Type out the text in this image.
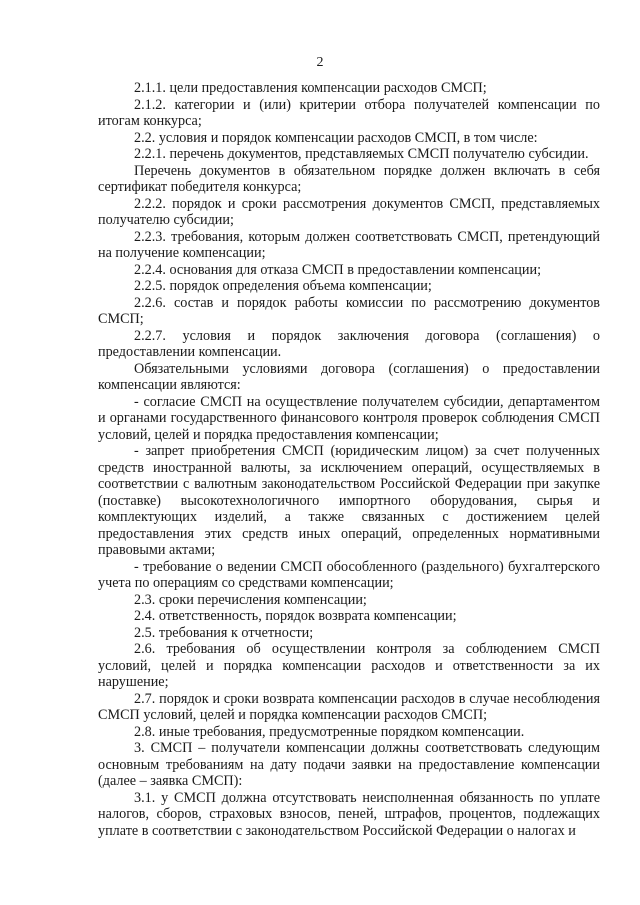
2

2.1.1. цели предоставления компенсации расходов СМСП;

2.1.2. категории и (или) критерии отбора получателей компенсации по итогам конкурса;

2.2. условия и порядок компенсации расходов СМСП, в том числе:

2.2.1. перечень документов, представляемых СМСП получателю субсидии.

Перечень документов в обязательном порядке должен включать в себя сертификат победителя конкурса;

2.2.2. порядок и сроки рассмотрения документов СМСП, представляемых получателю субсидии;

2.2.3. требования, которым должен соответствовать СМСП, претендующий на получение компенсации;

2.2.4. основания для отказа СМСП в предоставлении компенсации;

2.2.5. порядок определения объема компенсации;

2.2.6. состав и порядок работы комиссии по рассмотрению документов СМСП;

2.2.7. условия и порядок заключения договора (соглашения) о предоставлении компенсации.

Обязательными условиями договора (соглашения) о предоставлении компенсации являются:

- согласие СМСП на осуществление получателем субсидии, департаментом и органами государственного финансового контроля проверок соблюдения СМСП условий, целей и порядка предоставления компенсации;

- запрет приобретения СМСП (юридическим лицом) за счет полученных средств иностранной валюты, за исключением операций, осуществляемых в соответствии с валютным законодательством Российской Федерации при закупке (поставке) высокотехнологичного импортного оборудования, сырья и комплектующих изделий, а также связанных с достижением целей предоставления этих средств иных операций, определенных нормативными правовыми актами;

- требование о ведении СМСП обособленного (раздельного) бухгалтерского учета по операциям со средствами компенсации;

2.3. сроки перечисления компенсации;

2.4. ответственность, порядок возврата компенсации;

2.5. требования к отчетности;

2.6. требования об осуществлении контроля за соблюдением СМСП условий, целей и порядка компенсации расходов и ответственности за их нарушение;

2.7. порядок и сроки возврата компенсации расходов в случае несоблюдения СМСП условий, целей и порядка компенсации расходов СМСП;

2.8. иные требования, предусмотренные порядком компенсации.

3. СМСП – получатели компенсации должны соответствовать следующим основным требованиям на дату подачи заявки на предоставление компенсации (далее – заявка СМСП):

3.1. у СМСП должна отсутствовать неисполненная обязанность по уплате налогов, сборов, страховых взносов, пеней, штрафов, процентов, подлежащих уплате в соответствии с законодательством Российской Федерации о налогах и
